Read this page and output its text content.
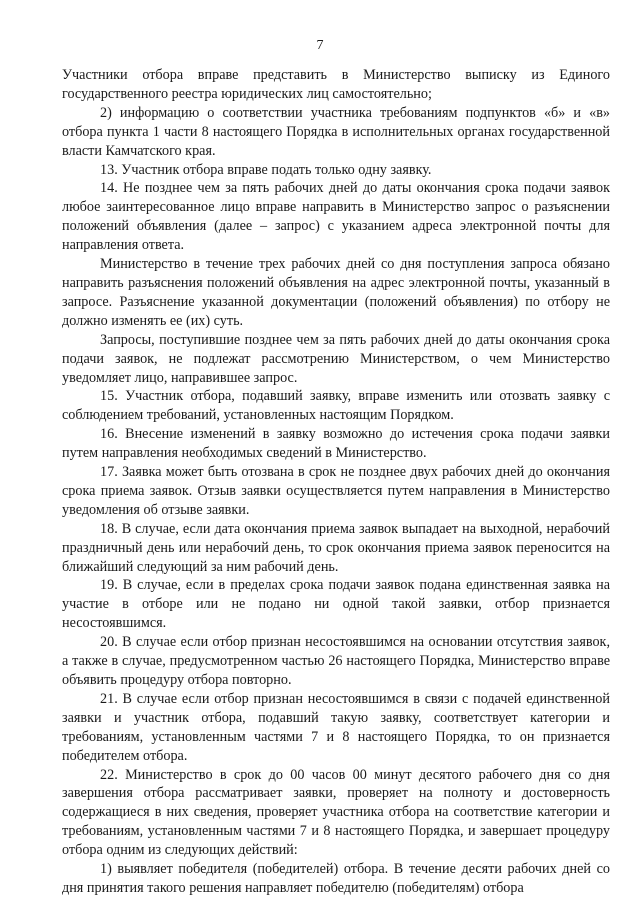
7

Участники отбора вправе представить в Министерство выписку из Единого государственного реестра юридических лиц самостоятельно;

2) информацию о соответствии участника требованиям подпунктов «б» и «в» отбора пункта 1 части 8 настоящего Порядка в исполнительных органах государственной власти Камчатского края.

13. Участник отбора вправе подать только одну заявку.

14. Не позднее чем за пять рабочих дней до даты окончания срока подачи заявок любое заинтересованное лицо вправе направить в Министерство запрос о разъяснении положений объявления (далее – запрос) с указанием адреса электронной почты для направления ответа.

Министерство в течение трех рабочих дней со дня поступления запроса обязано направить разъяснения положений объявления на адрес электронной почты, указанный в запросе. Разъяснение указанной документации (положений объявления) по отбору не должно изменять ее (их) суть.

Запросы, поступившие позднее чем за пять рабочих дней до даты окончания срока подачи заявок, не подлежат рассмотрению Министерством, о чем Министерство уведомляет лицо, направившее запрос.

15. Участник отбора, подавший заявку, вправе изменить или отозвать заявку с соблюдением требований, установленных настоящим Порядком.

16. Внесение изменений в заявку возможно до истечения срока подачи заявки путем направления необходимых сведений в Министерство.

17. Заявка может быть отозвана в срок не позднее двух рабочих дней до окончания срока приема заявок. Отзыв заявки осуществляется путем направления в Министерство уведомления об отзыве заявки.

18. В случае, если дата окончания приема заявок выпадает на выходной, нерабочий праздничный день или нерабочий день, то срок окончания приема заявок переносится на ближайший следующий за ним рабочий день.

19. В случае, если в пределах срока подачи заявок подана единственная заявка на участие в отборе или не подано ни одной такой заявки, отбор признается несостоявшимся.

20. В случае если отбор признан несостоявшимся на основании отсутствия заявок, а также в случае, предусмотренном частью 26 настоящего Порядка, Министерство вправе объявить процедуру отбора повторно.

21. В случае если отбор признан несостоявшимся в связи с подачей единственной заявки и участник отбора, подавший такую заявку, соответствует категории и требованиям, установленным частями 7 и 8 настоящего Порядка, то он признается победителем отбора.

22. Министерство в срок до 00 часов 00 минут десятого рабочего дня со дня завершения отбора рассматривает заявки, проверяет на полноту и достоверность содержащиеся в них сведения, проверяет участника отбора на соответствие категории и требованиям, установленным частями 7 и 8 настоящего Порядка, и завершает процедуру отбора одним из следующих действий:

1) выявляет победителя (победителей) отбора. В течение десяти рабочих дней со дня принятия такого решения направляет победителю (победителям) отбора
